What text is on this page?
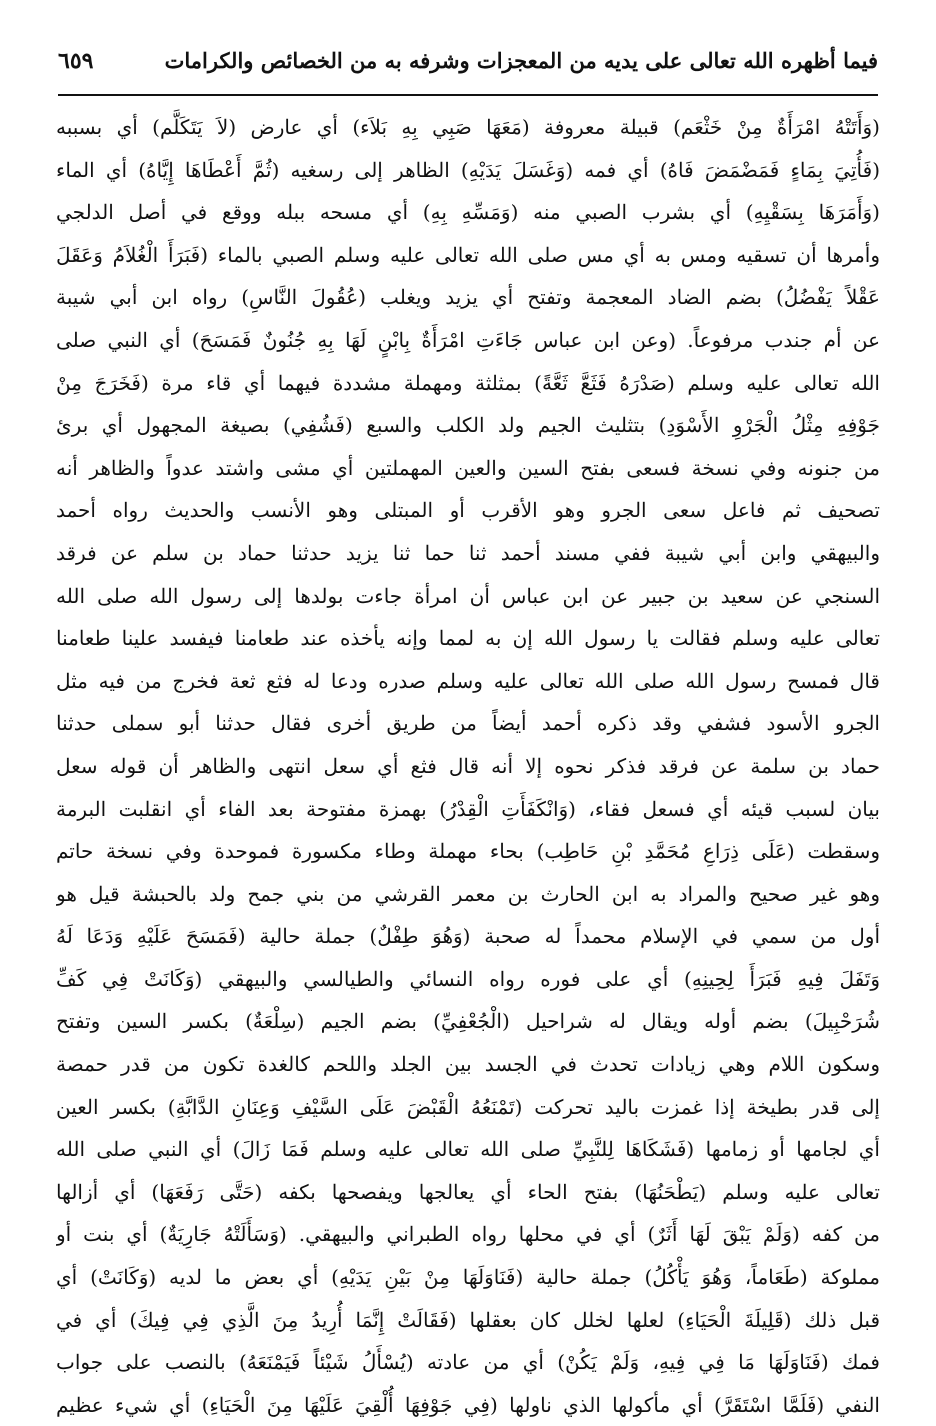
فيما أظهره الله تعالى على يديه من المعجزات وشرفه به من الخصائص والكرامات
٦٥٩
(وَأَتَتْهُ امْرَأَةٌ مِنْ خَثْعَم) قبيلة معروفة (مَعَهَا صَبِي بِهِ بَلاَء) أي عارض (لاَ يَتَكَلَّم) أي بسببه
(فَأُتِيَ بِمَاءٍ فَمَضْمَضَ فَاهُ) أي فمه (وَغَسَلَ يَدَيْهِ) الظاهر إلى رسغيه (ثُمَّ أَعْطَاهَا إِيَّاهُ) أي الماء
(وَأَمَرَهَا بِسَقْيِهِ) أي بشرب الصبي منه (وَمَسِّهِ بِهِ) أي مسحه ببله ووقع في أصل الدلجي
وأمرها أن تسقيه ومس به أي مس صلى الله تعالى عليه وسلم الصبي بالماء (فَبَرَأَ الْغُلاَمُ وَعَقَلَ
عَقْلاً يَفْضُلُ) بضم الضاد المعجمة وتفتح أي يزيد ويغلب (عُقُولَ النَّاسِ) رواه ابن أبي شيبة
عن أم جندب مرفوعاً. (وعن ابن عباس جَاءَتِ امْرَأَةٌ بِابْنٍ لَهَا بِهِ جُنُونٌ فَمَسَحَ) أي النبي صلى
الله تعالى عليه وسلم (صَدْرَهُ فَثَعَّ ثَعَّةً) بمثلثة ومهملة مشددة فيهما أي قاء مرة (فَخَرَجَ مِنْ
جَوْفِهِ مِثْلُ الْجَرْوِ الأَسْوَدِ) بتثليث الجيم ولد الكلب والسبع (فَشُفِي) بصيغة المجهول أي برئ
من جنونه وفي نسخة فسعى بفتح السين والعين المهملتين أي مشى واشتد عدواً والظاهر أنه
تصحيف ثم فاعل سعى الجرو وهو الأقرب أو المبتلى وهو الأنسب والحديث رواه أحمد
والبيهقي وابن أبي شيبة ففي مسند أحمد ثنا حما ثنا يزيد حدثنا حماد بن سلم عن فرقد
السنجي عن سعيد بن جبير عن ابن عباس أن امرأة جاءت بولدها إلى رسول الله صلى الله
تعالى عليه وسلم فقالت يا رسول الله إن به لمما وإنه يأخذه عند طعامنا فيفسد علينا طعامنا
قال فمسح رسول الله صلى الله تعالى عليه وسلم صدره ودعا له فثع ثعة فخرج من فيه مثل
الجرو الأسود فشفي وقد ذكره أحمد أيضاً من طريق أخرى فقال حدثنا أبو سملى حدثنا
حماد بن سلمة عن فرقد فذكر نحوه إلا أنه قال فثع أي سعل انتهى والظاهر أن قوله سعل
بيان لسبب قيئه أي فسعل فقاء، (وَانْكَفَأَتِ الْقِدْرُ) بهمزة مفتوحة بعد الفاء أي انقلبت البرمة
وسقطت (عَلَى ذِرَاعِ مُحَمَّدِ بْنِ حَاطِب) بحاء مهملة وطاء مكسورة فموحدة وفي نسخة حاتم
وهو غير صحيح والمراد به ابن الحارث بن معمر القرشي من بني جمح ولد بالحبشة قيل هو
أول من سمي في الإسلام محمداً له صحبة (وَهُوَ طِفْلٌ) جملة حالية (فَمَسَحَ عَلَيْهِ وَدَعَا لَهُ
وَتَفَلَ فِيهِ فَبَرَأَ لِحِينِهِ) أي على فوره رواه النسائي والطيالسي والبيهقي (وَكَانَتْ فِي كَفِّ
شُرَحْبِيلَ) بضم أوله ويقال له شراحيل (الْجُعْفِيِّ) بضم الجيم (سِلْعَةٌ) بكسر السين وتفتح
وسكون اللام وهي زيادات تحدث في الجسد بين الجلد واللحم كالغدة تكون من قدر حمصة
إلى قدر بطيخة إذا غمزت باليد تحركت (تَمْنَعُهُ الْقَبْضَ عَلَى السَّيْفِ وَعِنَانِ الدَّابَّةِ) بكسر العين
أي لجامها أو زمامها (فَشَكَاهَا لِلنَّبِيِّ صلى الله تعالى عليه وسلم فَمَا زَالَ) أي النبي صلى الله
تعالى عليه وسلم (يَطْحَنُهَا) بفتح الحاء أي يعالجها ويفصحها بكفه (حَتَّى رَفَعَهَا) أي أزالها
من كفه (وَلَمْ يَبْقَ لَهَا أَثَرٌ) أي في محلها رواه الطبراني والبيهقي. (وَسَأَلَتْهُ جَارِيَةٌ) أي بنت أو
مملوكة (طَعَاماً، وَهُوَ يَأْكُلُ) جملة حالية (فَنَاوَلَهَا مِنْ بَيْنِ يَدَيْهِ) أي بعض ما لديه (وَكَانَتْ) أي
قبل ذلك (قَلِيلَةَ الْحَيَاءِ) لعلها لخلل كان بعقلها (فَقَالَتْ إِنَّمَا أُرِيدُ مِنَ الَّذِي فِي فِيكَ) أي في
فمك (فَنَاوَلَهَا مَا فِي فِيهِ، وَلَمْ يَكُنْ) أي من عادته (يُسْأَلُ شَيْئاً فَيَمْنَعَهُ) بالنصب على جواب
النفي (فَلَمَّا اسْتَقَرَّ) أي مأكولها الذي ناولها (فِي جَوْفِهَا أُلْقِيَ عَلَيْهَا مِنَ الْحَيَاءِ) أي شيء عظيم
